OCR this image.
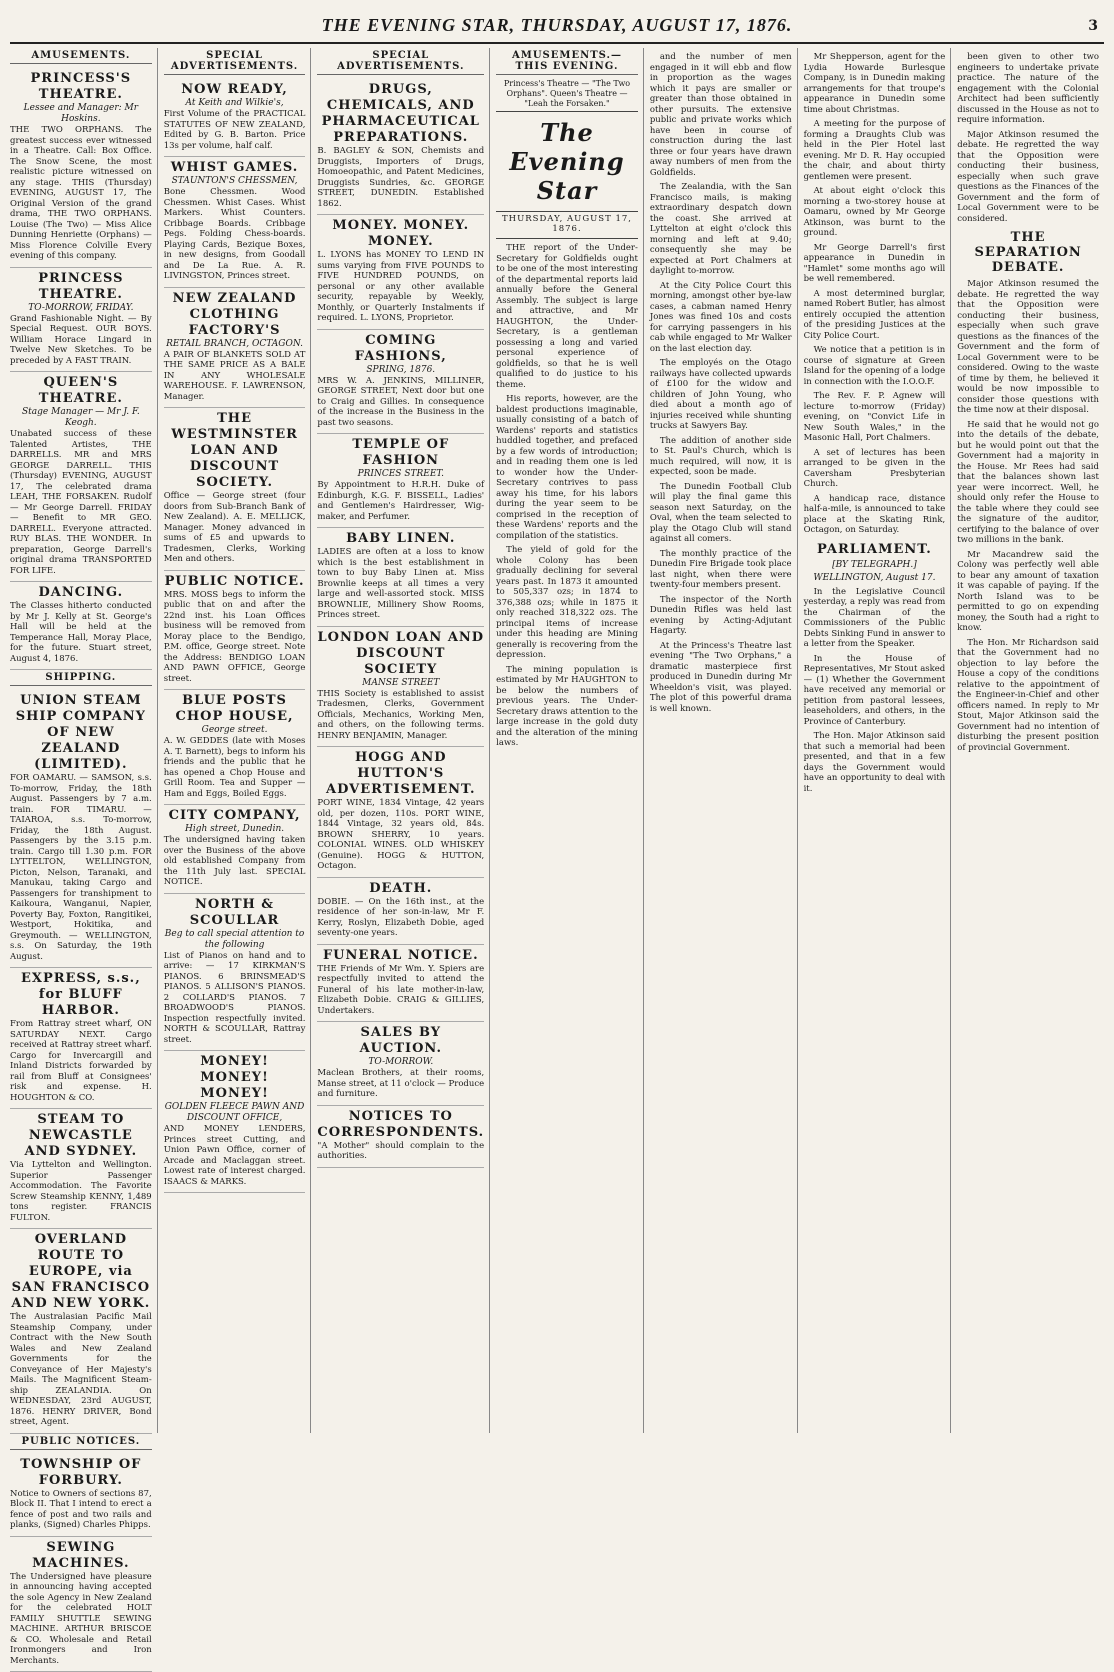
THE EVENING STAR, THURSDAY, AUGUST 17, 1876.	3
AMUSEMENTS.
PRINCESS'S THEATRE.
Lessee and Manager: Mr Hoskins.
THE TWO ORPHANS. The greatest success ever witnessed in a Theatre. Call: Box Office. The Snow Scene, the most realistic picture witnessed on any stage. THIS (Thursday) EVENING, AUGUST 17, The Original Version of the grand drama, THE TWO ORPHANS. Louise (The Two) — Miss Alice Dunning Henriette (Orphans) — Miss Florence Colville Every evening of this company.
PRINCESS THEATRE.
TO-MORROW, FRIDAY.
Grand Fashionable Night. — By Special Request. OUR BOYS. William Horace Lingard in Twelve New Sketches. To be preceded by A FAST TRAIN.
QUEEN'S THEATRE.
Stage Manager — Mr J. F. Keogh.
Unabated success of these Talented Artistes, THE DARRELLS. MR and MRS GEORGE DARRELL. THIS (Thursday) EVENING, AUGUST 17, The celebrated drama LEAH, THE FORSAKEN. Rudolf — Mr George Darrell. FRIDAY — Benefit to MR GEO. DARRELL. Everyone attracted. RUY BLAS. THE WONDER. In preparation, George Darrell's original drama TRANSPORTED FOR LIFE.
DANCING.
The Classes hitherto conducted by Mr J. Kelly at St. George's Hall will be held at the Temperance Hall, Moray Place, for the future. Stuart street, August 4, 1876.
SHIPPING.
UNION STEAM SHIP COMPANY OF NEW ZEALAND (LIMITED).
FOR OAMARU. — SAMSON, s.s. To-morrow, Friday, the 18th August. Passengers by 7 a.m. train. FOR TIMARU. — TAIAROA, s.s. To-morrow, Friday, the 18th August. Passengers by the 3.15 p.m. train. Cargo till 1.30 p.m. FOR LYTTELTON, WELLINGTON, Picton, Nelson, Taranaki, and Manukau, taking Cargo and Passengers for transhipment to Kaikoura, Wanganui, Napier, Poverty Bay, Foxton, Rangitikei, Westport, Hokitika, and Greymouth. — WELLINGTON, s.s. On Saturday, the 19th August.
EXPRESS, s.s., for BLUFF HARBOR.
From Rattray street wharf, ON SATURDAY NEXT. Cargo received at Rattray street wharf. Cargo for Invercargill and Inland Districts forwarded by rail from Bluff at Consignees' risk and expense. H. HOUGHTON & CO.
STEAM TO NEWCASTLE AND SYDNEY.
Via Lyttelton and Wellington. Superior Passenger Accommodation. The Favorite Screw Steamship KENNY, 1,489 tons register. FRANCIS FULTON.
OVERLAND ROUTE TO EUROPE, via SAN FRANCISCO AND NEW YORK.
The Australasian Pacific Mail Steamship Company, under Contract with the New South Wales and New Zealand Governments for the Conveyance of Her Majesty's Mails. The Magnificent Steam-ship ZEALANDIA. On WEDNESDAY, 23rd AUGUST, 1876. HENRY DRIVER, Bond street, Agent.
PUBLIC NOTICES.
TOWNSHIP OF FORBURY.
Notice to Owners of sections 87, Block II. That I intend to erect a fence of post and two rails and planks, (Signed) Charles Phipps.
SEWING MACHINES.
The Undersigned have pleasure in announcing having accepted the sole Agency in New Zealand for the celebrated HOLT FAMILY SHUTTLE SEWING MACHINE. ARTHUR BRISCOE & CO. Wholesale and Retail Ironmongers and Iron Merchants.
SPECIAL ADVERTISEMENTS.
NOW READY,
At Keith and Wilkie's,
First Volume of the PRACTICAL STATUTES OF NEW ZEALAND, Edited by G. B. Barton. Price 13s per volume, half calf.
WHIST GAMES.
STAUNTON'S CHESSMEN,
Bone Chessmen. Wood Chessmen. Whist Cases. Whist Markers. Whist Counters. Cribbage Boards. Cribbage Pegs. Folding Chess-boards. Playing Cards, Bezique Boxes, in new designs, from Goodall and De La Rue. A. R. LIVINGSTON, Princes street.
NEW ZEALAND CLOTHING FACTORY'S
RETAIL BRANCH, OCTAGON.
A PAIR OF BLANKETS SOLD AT THE SAME PRICE AS A BALE IN ANY WHOLESALE WAREHOUSE. F. LAWRENSON, Manager.
THE WESTMINSTER LOAN AND DISCOUNT SOCIETY.
Office — George street (four doors from Sub-Branch Bank of New Zealand). A. E. MELLICK, Manager. Money advanced in sums of £5 and upwards to Tradesmen, Clerks, Working Men and others.
PUBLIC NOTICE.
MRS. MOSS begs to inform the public that on and after the 22nd inst. his Loan Offices business will be removed from Moray place to the Bendigo, P.M. office, George street. Note the Address: BENDIGO LOAN AND PAWN OFFICE, George street.
BLUE POSTS CHOP HOUSE,
George street.
A. W. GEDDES (late with Moses A. T. Barnett), begs to inform his friends and the public that he has opened a Chop House and Grill Room. Tea and Supper — Ham and Eggs, Boiled Eggs.
CITY COMPANY,
High street, Dunedin.
The undersigned having taken over the Business of the above old established Company from the 11th July last. SPECIAL NOTICE.
NORTH & SCOULLAR
Beg to call special attention to the following
List of Pianos on hand and to arrive: — 17 KIRKMAN'S PIANOS. 6 BRINSMEAD'S PIANOS. 5 ALLISON'S PIANOS. 2 COLLARD'S PIANOS. 7 BROADWOOD'S PIANOS. Inspection respectfully invited. NORTH & SCOULLAR, Rattray street.
MONEY! MONEY! MONEY!
GOLDEN FLEECE PAWN AND DISCOUNT OFFICE,
AND MONEY LENDERS, Princes street Cutting, and Union Pawn Office, corner of Arcade and Maclaggan street. Lowest rate of interest charged. ISAACS & MARKS.
SPECIAL ADVERTISEMENTS.
DRUGS, CHEMICALS, AND PHARMACEUTICAL PREPARATIONS.
B. BAGLEY & SON, Chemists and Druggists, Importers of Drugs, Homoeopathic, and Patent Medicines, Druggists Sundries, &c. GEORGE STREET, DUNEDIN. Established 1862.
MONEY. MONEY. MONEY.
L. LYONS has MONEY TO LEND IN sums varying from FIVE POUNDS to FIVE HUNDRED POUNDS, on personal or any other available security, repayable by Weekly, Monthly, or Quarterly Instalments if required. L. LYONS, Proprietor.
COMING FASHIONS,
SPRING, 1876.
MRS W. A. JENKINS, MILLINER, GEORGE STREET, Next door but one to Craig and Gillies. In consequence of the increase in the Business in the past two seasons.
TEMPLE OF FASHION
PRINCES STREET.
By Appointment to H.R.H. Duke of Edinburgh, K.G. F. BISSELL, Ladies' and Gentlemen's Hairdresser, Wig-maker, and Perfumer.
BABY LINEN.
LADIES are often at a loss to know which is the best establishment in town to buy Baby Linen at. Miss Brownlie keeps at all times a very large and well-assorted stock. MISS BROWNLIE, Millinery Show Rooms, Princes street.
LONDON LOAN AND DISCOUNT SOCIETY
MANSE STREET
THIS Society is established to assist Tradesmen, Clerks, Government Officials, Mechanics, Working Men, and others, on the following terms. HENRY BENJAMIN, Manager.
HOGG AND HUTTON'S ADVERTISEMENT.
PORT WINE, 1834 Vintage, 42 years old, per dozen, 110s. PORT WINE, 1844 Vintage, 32 years old, 84s. BROWN SHERRY, 10 years. COLONIAL WINES. OLD WHISKEY (Genuine). HOGG & HUTTON, Octagon.
DEATH.
DOBIE. — On the 16th inst., at the residence of her son-in-law, Mr F. Kerry, Roslyn, Elizabeth Dobie, aged seventy-one years.
FUNERAL NOTICE.
THE Friends of Mr Wm. Y. Spiers are respectfully invited to attend the Funeral of his late mother-in-law, Elizabeth Dobie. CRAIG & GILLIES, Undertakers.
SALES BY AUCTION.
TO-MORROW.
Maclean Brothers, at their rooms, Manse street, at 11 o'clock — Produce and furniture.
NOTICES TO CORRESPONDENTS.
"A Mother" should complain to the authorities.
AMUSEMENTS.—THIS EVENING.
Princess's Theatre — "The Two Orphans". Queen's Theatre — "Leah the Forsaken."
The Evening Star
THURSDAY, AUGUST 17, 1876.

THE report of the Under-Secretary for Goldfields ought to be one of the most interesting of the departmental reports laid annually before the General Assembly. The subject is large and attractive, and Mr HAUGHTON, the Under-Secretary, is a gentleman possessing a long and varied personal experience of goldfields, so that he is well qualified to do justice to his theme.

His reports, however, are the baldest productions imaginable, usually consisting of a batch of Wardens' reports and statistics huddled together, and prefaced by a few words of introduction; and in reading them one is led to wonder how the Under-Secretary contrives to pass away his time, for his labors during the year seem to be comprised in the reception of these Wardens' reports and the compilation of the statistics.

The yield of gold for the whole Colony has been gradually declining for several years past. In 1873 it amounted to 505,337 ozs; in 1874 to 376,388 ozs; while in 1875 it only reached 318,322 ozs. The principal items of increase under this heading are Mining generally is recovering from the depression.

The mining population is estimated by Mr HAUGHTON to be below the numbers of previous years. The Under-Secretary draws attention to the large increase in the gold duty and the alteration of the mining laws.

and the number of men engaged in it will ebb and flow in proportion as the wages which it pays are smaller or greater than those obtained in other pursuits. The extensive public and private works which have been in course of construction during the last three or four years have drawn away numbers of men from the Goldfields.

The Zealandia, with the San Francisco mails, is making extraordinary despatch down the coast. She arrived at Lyttelton at eight o'clock this morning and left at 9.40; consequently she may be expected at Port Chalmers at daylight to-morrow.

At the City Police Court this morning, amongst other bye-law cases, a cabman named Henry Jones was fined 10s and costs for carrying passengers in his cab while engaged to Mr Walker on the last election day.

The employés on the Otago railways have collected upwards of £100 for the widow and children of John Young, who died about a month ago of injuries received while shunting trucks at Sawyers Bay.

The addition of another side to St. Paul's Church, which is much required, will now, it is expected, soon be made.

The Dunedin Football Club will play the final game this season next Saturday, on the Oval, when the team selected to play the Otago Club will stand against all comers.

The monthly practice of the Dunedin Fire Brigade took place last night, when there were twenty-four members present.

The inspector of the North Dunedin Rifles was held last evening by Acting-Adjutant Hagarty.

At the Princess's Theatre last evening "The Two Orphans," a dramatic masterpiece first produced in Dunedin during Mr Wheeldon's visit, was played. The plot of this powerful drama is well known.

Mr Shepperson, agent for the Lydia Howarde Burlesque Company, is in Dunedin making arrangements for that troupe's appearance in Dunedin some time about Christmas.

A meeting for the purpose of forming a Draughts Club was held in the Pier Hotel last evening. Mr D. R. Hay occupied the chair, and about thirty gentlemen were present.

At about eight o'clock this morning a two-storey house at Oamaru, owned by Mr George Atkinson, was burnt to the ground.

Mr George Darrell's first appearance in Dunedin in "Hamlet" some months ago will be well remembered.

A most determined burglar, named Robert Butler, has almost entirely occupied the attention of the presiding Justices at the City Police Court.

We notice that a petition is in course of signature at Green Island for the opening of a lodge in connection with the I.O.O.F.

The Rev. F. P. Agnew will lecture to-morrow (Friday) evening, on "Convict Life in New South Wales," in the Masonic Hall, Port Chalmers.

A set of lectures has been arranged to be given in the Caversham Presbyterian Church.

A handicap race, distance half-a-mile, is announced to take place at the Skating Rink, Octagon, on Saturday.

PARLIAMENT.
[BY TELEGRAPH.]
WELLINGTON, August 17.

In the Legislative Council yesterday, a reply was read from the Chairman of the Commissioners of the Public Debts Sinking Fund in answer to a letter from the Speaker.

In the House of Representatives, Mr Stout asked — (1) Whether the Government have received any memorial or petition from pastoral lessees, leaseholders, and others, in the Province of Canterbury.

The Hon. Major Atkinson said that such a memorial had been presented, and that in a few days the Government would have an opportunity to deal with it.

been given to other two engineers to undertake private practice. The nature of the engagement with the Colonial Architect had been sufficiently discussed in the House as not to require information.

Major Atkinson resumed the debate. He regretted the way that the Opposition were conducting their business, especially when such grave questions as the Finances of the Government and the form of Local Government were to be considered.

THE SEPARATION DEBATE.

Major Atkinson resumed the debate. He regretted the way that the Opposition were conducting their business, especially when such grave questions as the finances of the Government and the form of Local Government were to be considered. Owing to the waste of time by them, he believed it would be now impossible to consider those questions with the time now at their disposal.

He said that he would not go into the details of the debate, but he would point out that the Government had a majority in the House. Mr Rees had said that the balances shown last year were incorrect. Well, he should only refer the House to the table where they could see the signature of the auditor, certifying to the balance of over two millions in the bank.

Mr Macandrew said the Colony was perfectly well able to bear any amount of taxation it was capable of paying. If the North Island was to be permitted to go on expending money, the South had a right to know.

The Hon. Mr Richardson said that the Government had no objection to lay before the House a copy of the conditions relative to the appointment of the Engineer-in-Chief and other officers named. In reply to Mr Stout, Major Atkinson said the Government had no intention of disturbing the present position of provincial Government.
